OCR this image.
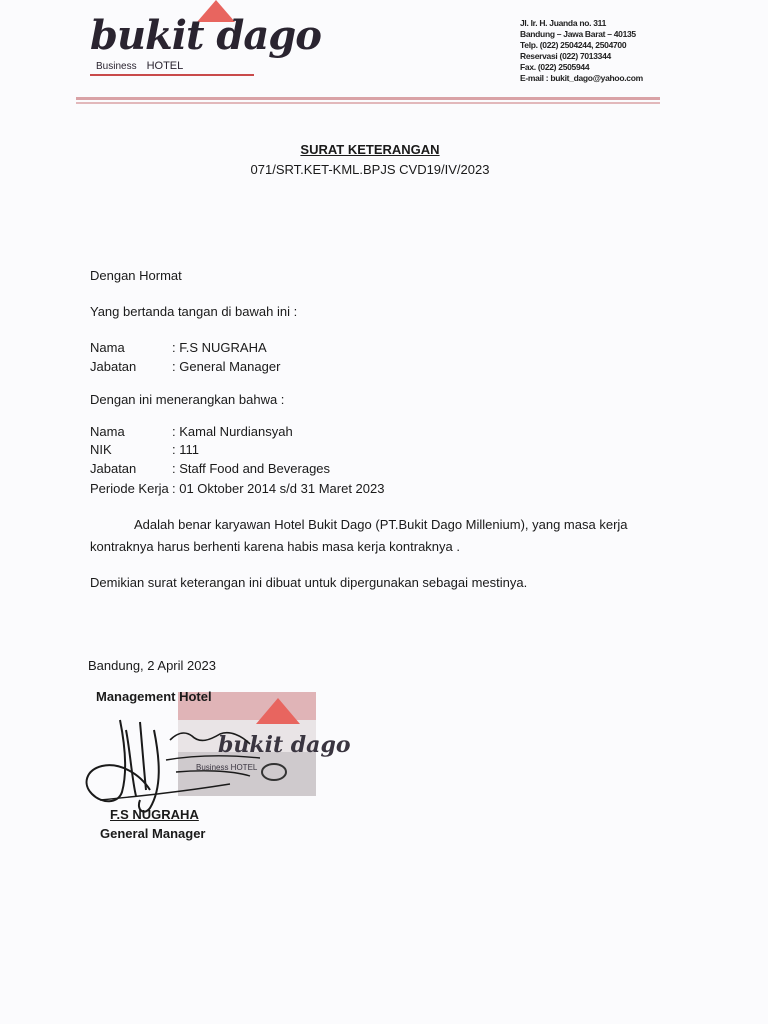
bukit dago
Business HOTEL
Jl. Ir. H. Juanda no. 311
Bandung – Jawa Barat – 40135
Telp. (022) 2504244, 2504700
Reservasi (022) 7013344
Fax. (022) 2505944
E-mail : bukit_dago@yahoo.com
SURAT KETERANGAN
071/SRT.KET-KML.BPJS CVD19/IV/2023
Dengan Hormat
Yang bertanda tangan di bawah ini :
Nama	: F.S NUGRAHA
Jabatan	: General Manager
Dengan ini menerangkan bahwa :
Nama	: Kamal Nurdiansyah
NIK	: 111
Jabatan	: Staff Food and Beverages
Periode Kerja : 01 Oktober 2014 s/d 31 Maret 2023
Adalah benar karyawan Hotel Bukit Dago (PT.Bukit Dago Millenium), yang masa kerja
kontraknya harus berhenti karena habis masa kerja kontraknya .
Demikian surat keterangan ini dibuat untuk dipergunakan sebagai mestinya.
Bandung, 2 April 2023
bukit dago
Business HOTEL
Management Hotel
F.S NUGRAHA
General Manager
